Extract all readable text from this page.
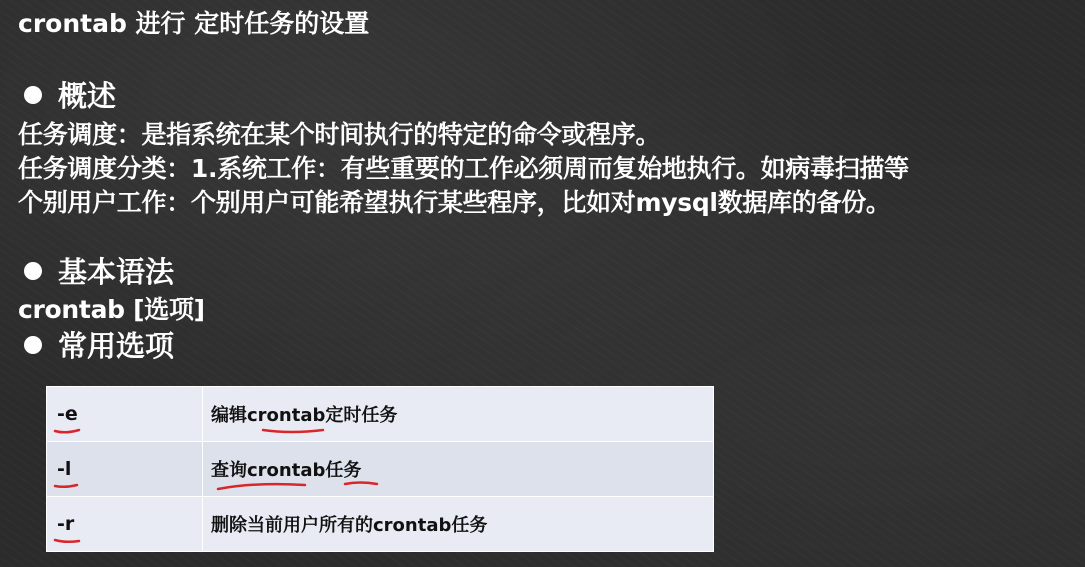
crontab 进行 定时任务的设置
概述
任务调度：是指系统在某个时间执行的特定的命令或程序。
任务调度分类：1.系统工作：有些重要的工作必须周而复始地执行。如病毒扫描等
个别用户工作：个别用户可能希望执行某些程序，比如对mysql数据库的备份。
基本语法
crontab [选项]
常用选项
-e	编辑crontab定时任务

-l	查询crontab任务

-r	删除当前用户所有的crontab任务
